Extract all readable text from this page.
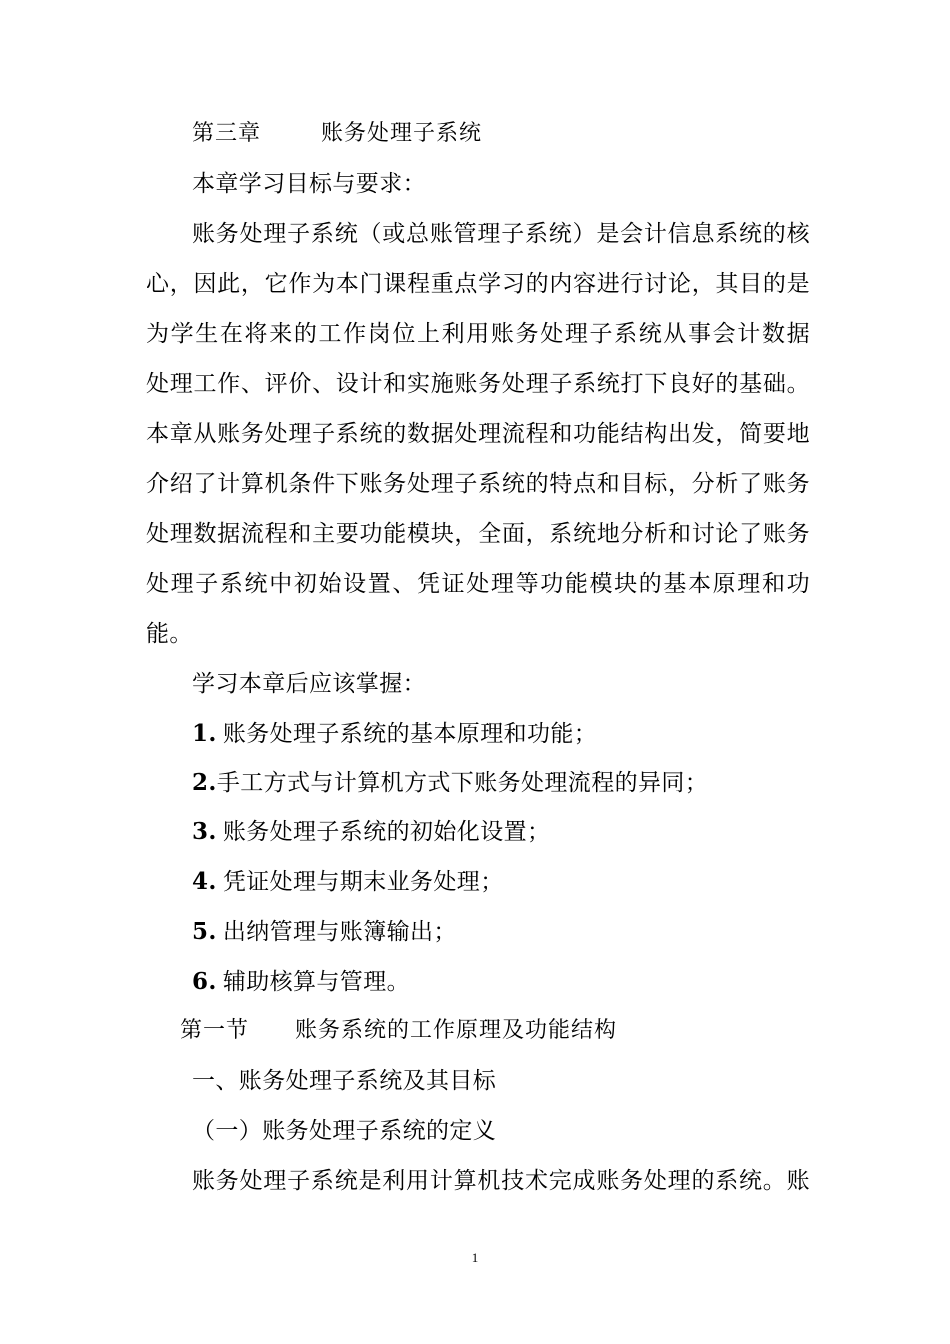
第三章	账务处理子系统
本章学习目标与要求：
账务处理子系统（或总账管理子系统）是会计信息系统的核
心，因此，它作为本门课程重点学习的内容进行讨论，其目的是
为学生在将来的工作岗位上利用账务处理子系统从事会计数据
处理工作、评价、设计和实施账务处理子系统打下良好的基础。
本章从账务处理子系统的数据处理流程和功能结构出发，简要地
介绍了计算机条件下账务处理子系统的特点和目标，分析了账务
处理数据流程和主要功能模块，全面，系统地分析和讨论了账务
处理子系统中初始设置、凭证处理等功能模块的基本原理和功
能。
学习本章后应该掌握：
1. 账务处理子系统的基本原理和功能；
2.手工方式与计算机方式下账务处理流程的异同；
3. 账务处理子系统的初始化设置；
4. 凭证处理与期末业务处理；
5. 出纳管理与账簿输出；
6. 辅助核算与管理。
第一节 账务系统的工作原理及功能结构
一、账务处理子系统及其目标
（一）账务处理子系统的定义
账务处理子系统是利用计算机技术完成账务处理的系统。账
1
